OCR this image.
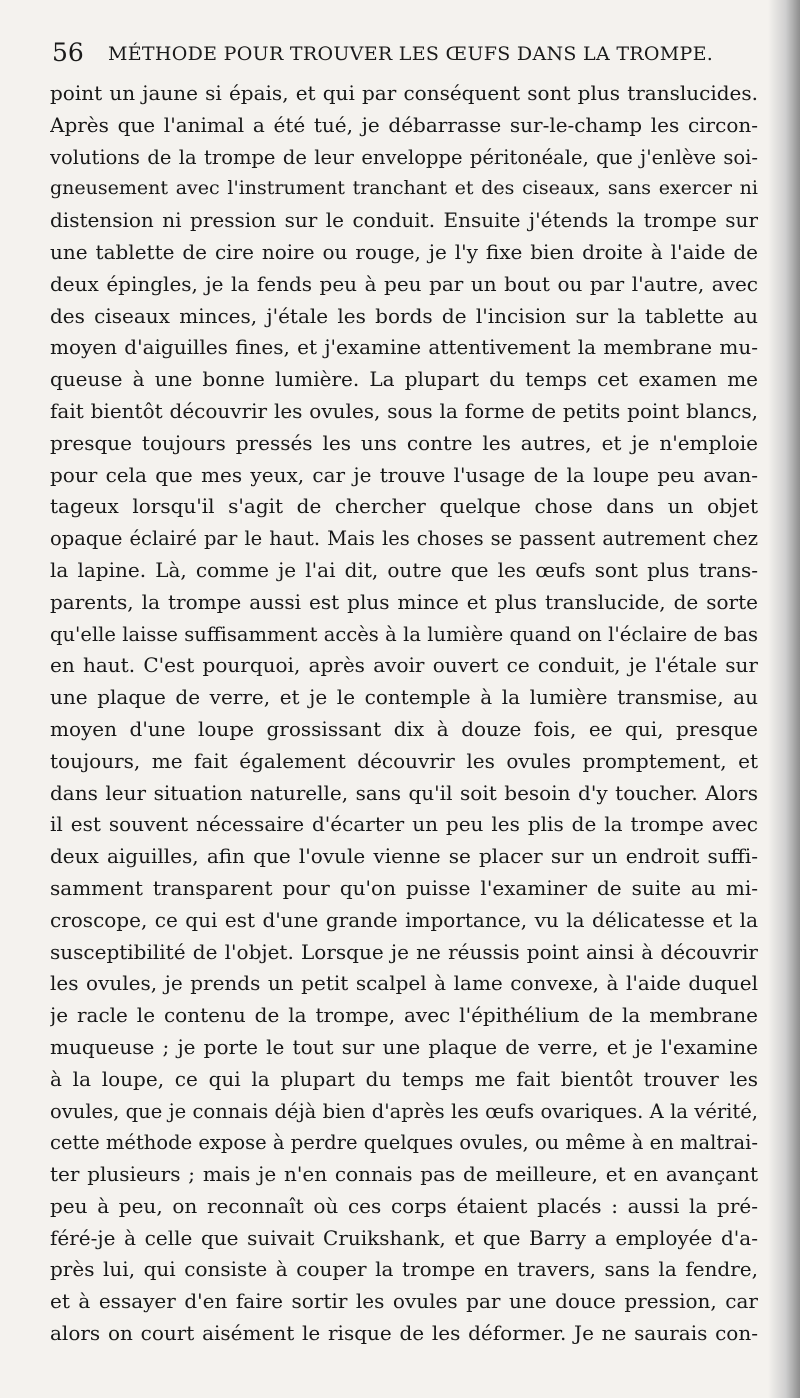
56 MÉTHODE POUR TROUVER LES ŒUFS DANS LA TROMPE.
point un jaune si épais, et qui par conséquent sont plus translucides.
Après que l'animal a été tué, je débarrasse sur-le-champ les circon-
volutions de la trompe de leur enveloppe péritonéale, que j'enlève soi-
gneusement avec l'instrument tranchant et des ciseaux, sans exercer ni
distension ni pression sur le conduit. Ensuite j'étends la trompe sur
une tablette de cire noire ou rouge, je l'y fixe bien droite à l'aide de
deux épingles, je la fends peu à peu par un bout ou par l'autre, avec
des ciseaux minces, j'étale les bords de l'incision sur la tablette au
moyen d'aiguilles fines, et j'examine attentivement la membrane mu-
queuse à une bonne lumière. La plupart du temps cet examen me
fait bientôt découvrir les ovules, sous la forme de petits point blancs,
presque toujours pressés les uns contre les autres, et je n'emploie
pour cela que mes yeux, car je trouve l'usage de la loupe peu avan-
tageux lorsqu'il s'agit de chercher quelque chose dans un objet
opaque éclairé par le haut. Mais les choses se passent autrement chez
la lapine. Là, comme je l'ai dit, outre que les œufs sont plus trans-
parents, la trompe aussi est plus mince et plus translucide, de sorte
qu'elle laisse suffisamment accès à la lumière quand on l'éclaire de bas
en haut. C'est pourquoi, après avoir ouvert ce conduit, je l'étale sur
une plaque de verre, et je le contemple à la lumière transmise, au
moyen d'une loupe grossissant dix à douze fois, ee qui, presque
toujours, me fait également découvrir les ovules promptement, et
dans leur situation naturelle, sans qu'il soit besoin d'y toucher. Alors
il est souvent nécessaire d'écarter un peu les plis de la trompe avec
deux aiguilles, afin que l'ovule vienne se placer sur un endroit suffi-
samment transparent pour qu'on puisse l'examiner de suite au mi-
croscope, ce qui est d'une grande importance, vu la délicatesse et la
susceptibilité de l'objet. Lorsque je ne réussis point ainsi à découvrir
les ovules, je prends un petit scalpel à lame convexe, à l'aide duquel
je racle le contenu de la trompe, avec l'épithélium de la membrane
muqueuse ; je porte le tout sur une plaque de verre, et je l'examine
à la loupe, ce qui la plupart du temps me fait bientôt trouver les
ovules, que je connais déjà bien d'après les œufs ovariques. A la vérité,
cette méthode expose à perdre quelques ovules, ou même à en maltrai-
ter plusieurs ; mais je n'en connais pas de meilleure, et en avançant
peu à peu, on reconnaît où ces corps étaient placés : aussi la pré-
féré-je à celle que suivait Cruikshank, et que Barry a employée d'a-
près lui, qui consiste à couper la trompe en travers, sans la fendre,
et à essayer d'en faire sortir les ovules par une douce pression, car
alors on court aisément le risque de les déformer. Je ne saurais con-
